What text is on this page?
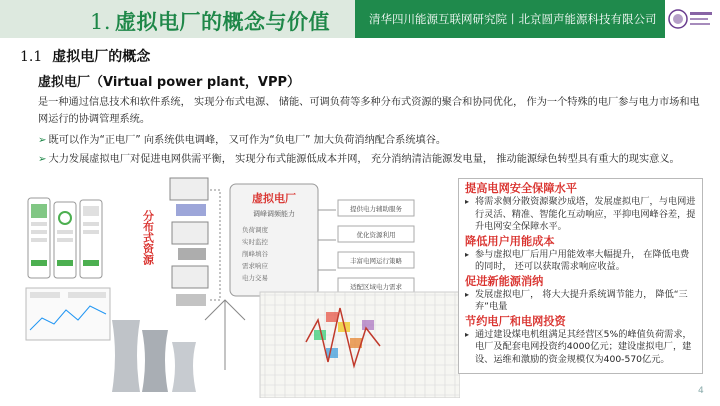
1. 虚拟电厂的概念与价值	清华四川能源互联网研究院丨北京圆声能源科技有限公司
1.1 虚拟电厂的概念
虚拟电厂（Virtual power plant，VPP）
是一种通过信息技术和软件系统， 实现分布式电源、 储能、可调负荷等多种分布式资源的聚合和协同优化， 作为一个特殊的电厂参与电力市场和电网运行的协调管理系统。
➢ 既可以作为“正电厂” 向系统供电调峰， 又可作为“负电厂” 加大负荷消纳配合系统填谷。
➢ 大力发展虚拟电厂对促进电网供需平衡， 实现分布式能源低成本并网， 充分消纳清洁能源发电量， 推动能源绿色转型具有重大的现实意义。
分布式资源
虚拟电厂
调峰调频能力
负荷调度
实时监控
削峰填谷
需求响应
电力交易
提供电力辅助服务
优化资源利用
丰富电网运行策略
适配区域电力需求
提高电网安全保障水平
▸ 将需求侧分散资源聚沙成塔，发展虚拟电厂，与电网进行灵活、精准、智能化互动响应，平抑电网峰谷差，提升电网安全保障水平。
降低用户用能成本
▸ 参与虚拟电厂后用户用能效率大幅提升， 在降低电费的同时， 还可以获取需求响应收益。
促进新能源消纳
▸ 发展虚拟电厂， 将大大提升系统调节能力， 降低“三弃”电量
节约电厂和电网投资
▸ 通过建设煤电机组满足其经营区5%的峰值负荷需求，电厂及配套电网投资约4000亿元；建设虚拟电厂，建设、运维和激励的资金规模仅为400-570亿元。
4
